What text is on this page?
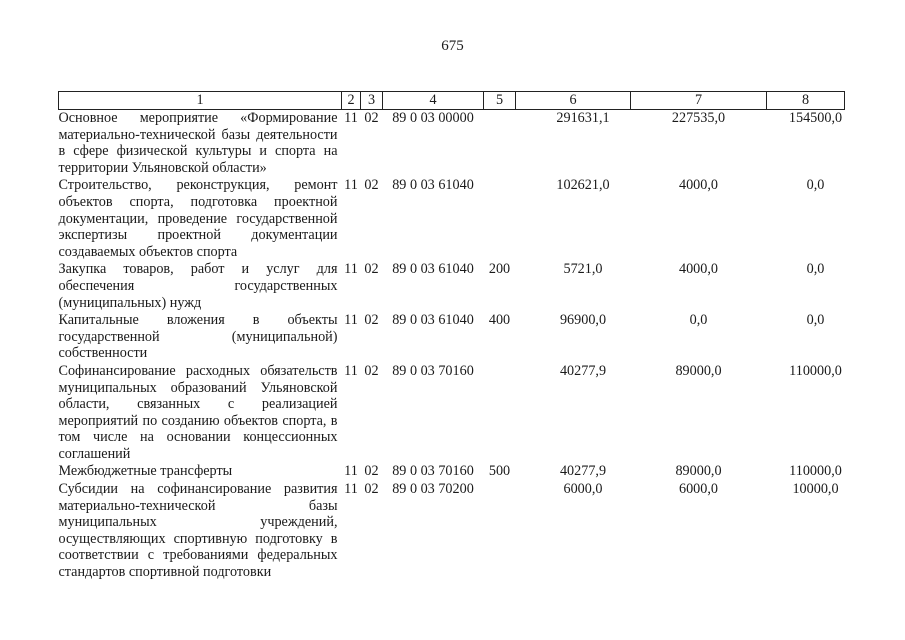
675
1	2	3	4	5	6	7	8
Основное мероприятие «Формирование материально-технической базы деятельности в сфере физической культуры и спорта на территории Ульяновской области»	11	02	89 0 03 00000		291631,1	227535,0	154500,0
Строительство, реконструкция, ремонт объектов спорта, подготовка проектной документации, проведение государственной экспертизы проектной документации создаваемых объектов спорта	11	02	89 0 03 61040		102621,0	4000,0	0,0
Закупка товаров, работ и услуг для обеспечения государственных (муниципальных) нужд	11	02	89 0 03 61040	200	5721,0	4000,0	0,0
Капитальные вложения в объекты государственной (муниципальной) собственности	11	02	89 0 03 61040	400	96900,0	0,0	0,0
Софинансирование расходных обязательств муниципальных образований Ульяновской области, связанных с реализацией мероприятий по созданию объектов спорта, в том числе на основании концессионных соглашений	11	02	89 0 03 70160		40277,9	89000,0	110000,0
Межбюджетные трансферты	11	02	89 0 03 70160	500	40277,9	89000,0	110000,0
Субсидии на софинансирование развития материально-технической базы муниципальных учреждений, осуществляющих спортивную подготовку в соответствии с требованиями федеральных стандартов спортивной подготовки	11	02	89 0 03 70200		6000,0	6000,0	10000,0
